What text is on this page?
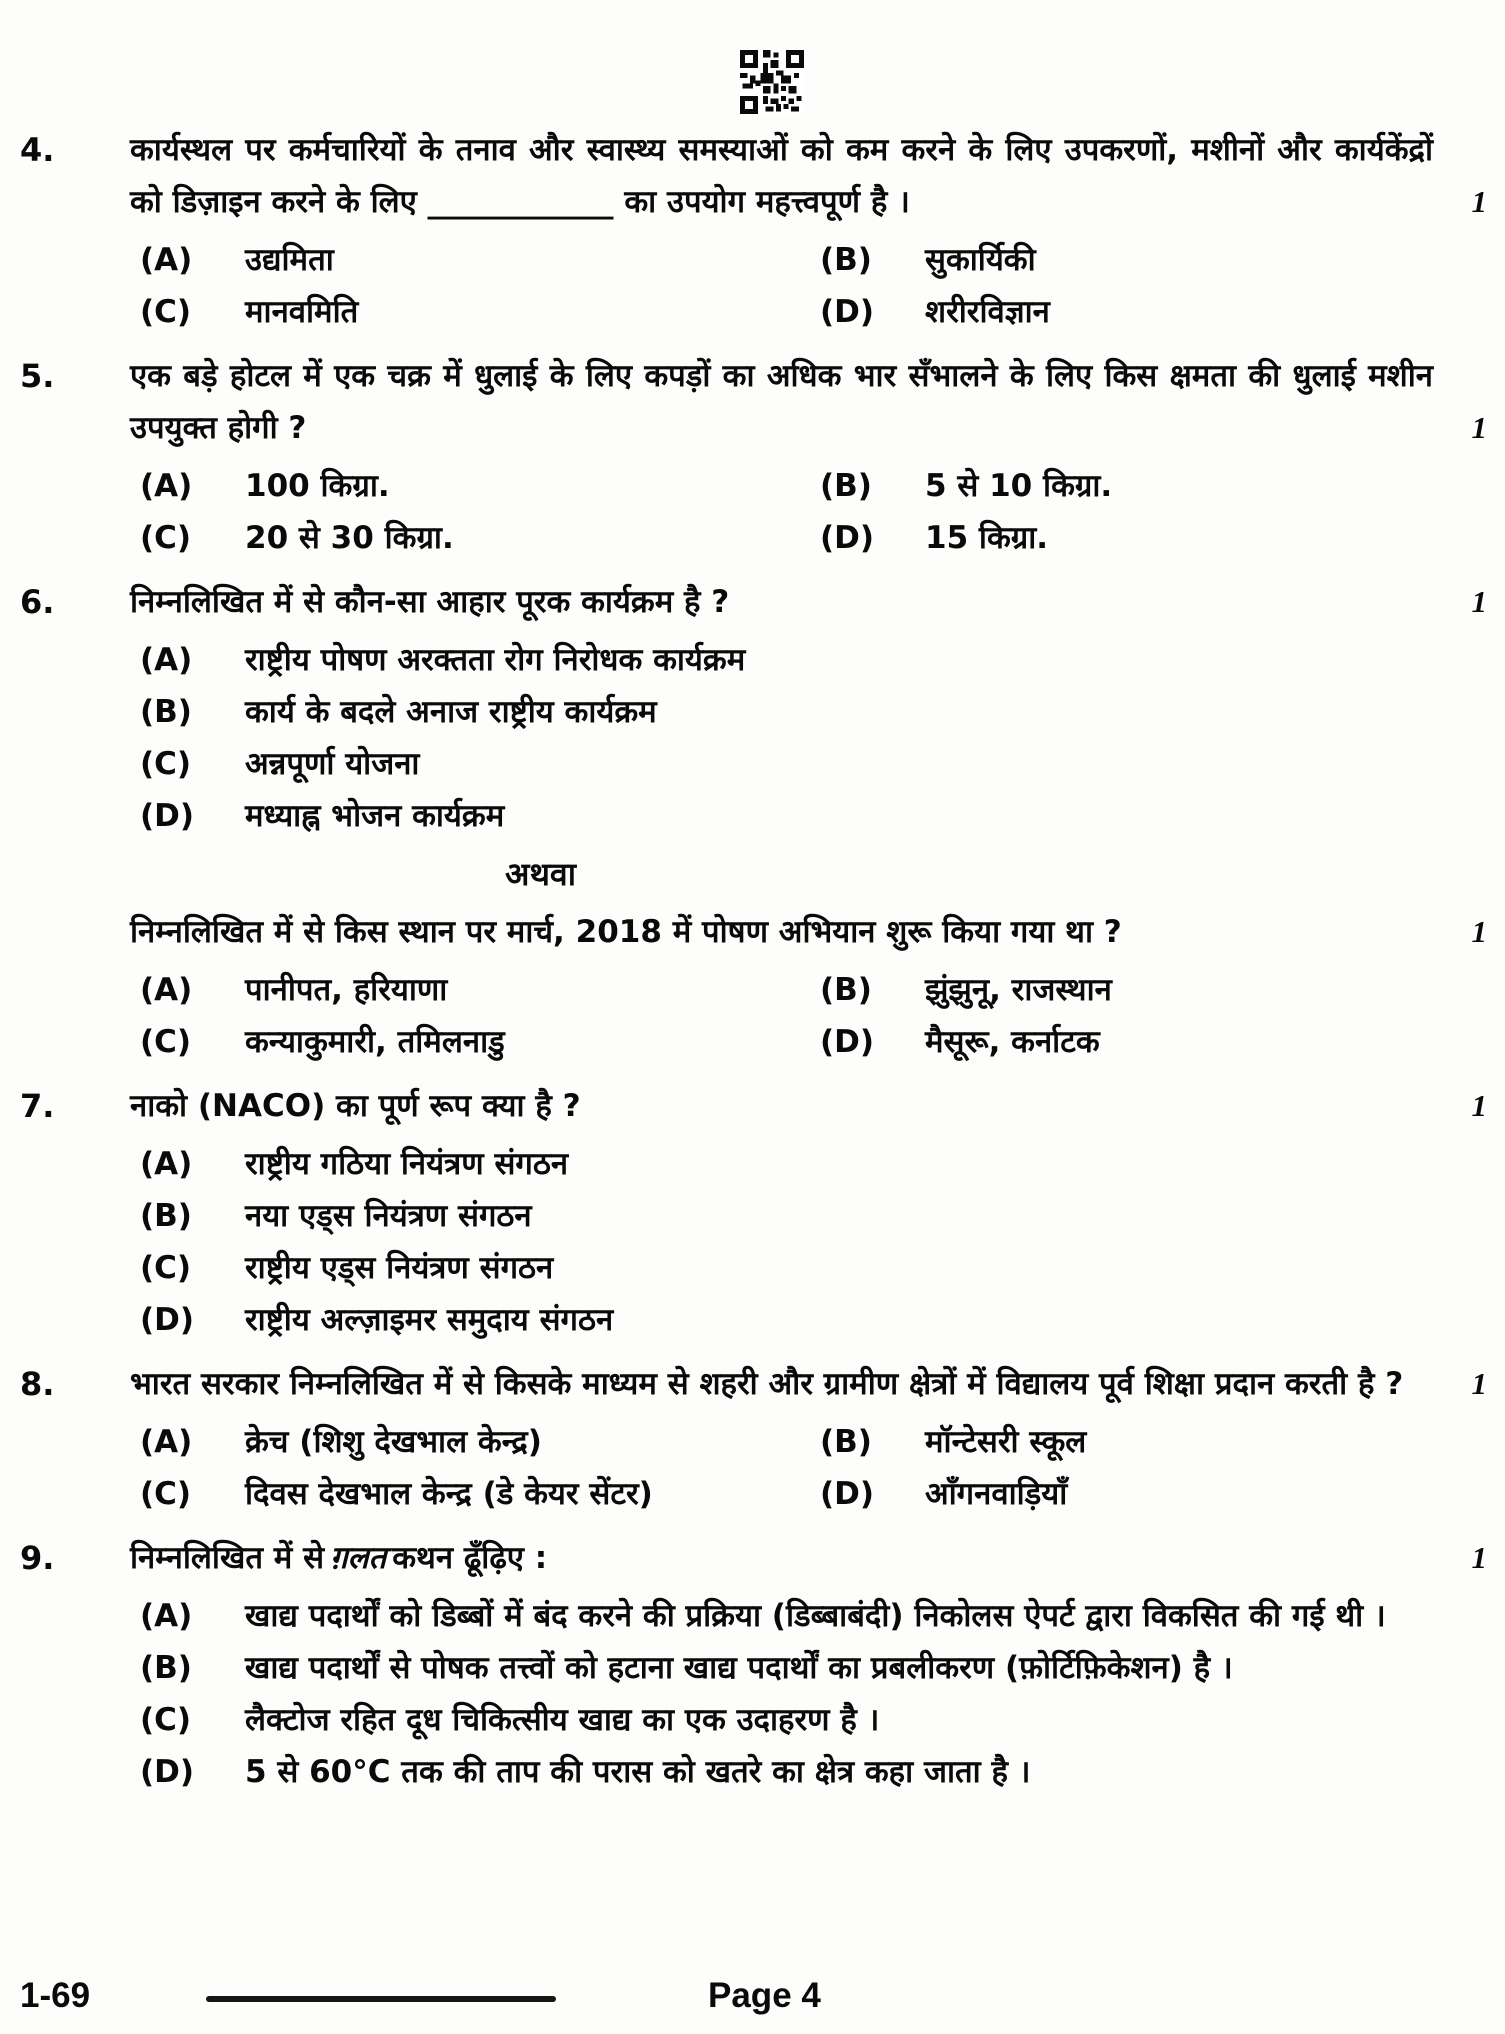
4.	कार्यस्थल पर कर्मचारियों के तनाव और स्वास्थ्य समस्याओं को कम करने के लिए उपकरणों, मशीनों और कार्यकेंद्रों को डिज़ाइन करने के लिए ____________ का उपयोग महत्त्वपूर्ण है ।	1
(A)	उद्यमिता	(B)	सुकार्यिकी
(C)	मानवमिति	(D)	शरीरविज्ञान
5.	एक बड़े होटल में एक चक्र में धुलाई के लिए कपड़ों का अधिक भार सँभालने के लिए किस क्षमता की धुलाई मशीन उपयुक्त होगी ?	1
(A)	100 किग्रा.	(B)	5 से 10 किग्रा.
(C)	20 से 30 किग्रा.	(D)	15 किग्रा.
6.	निम्नलिखित में से कौन-सा आहार पूरक कार्यक्रम है ?	1
(A)	राष्ट्रीय पोषण अरक्तता रोग निरोधक कार्यक्रम
(B)	कार्य के बदले अनाज राष्ट्रीय कार्यक्रम
(C)	अन्नपूर्णा योजना
(D)	मध्याह्न भोजन कार्यक्रम
अथवा
निम्नलिखित में से किस स्थान पर मार्च, 2018 में पोषण अभियान शुरू किया गया था ?	1
(A)	पानीपत, हरियाणा	(B)	झुंझुनू, राजस्थान
(C)	कन्याकुमारी, तमिलनाडु	(D)	मैसूरू, कर्नाटक
7.	नाको (NACO) का पूर्ण रूप क्या है ?	1
(A)	राष्ट्रीय गठिया नियंत्रण संगठन
(B)	नया एड्स नियंत्रण संगठन
(C)	राष्ट्रीय एड्स नियंत्रण संगठन
(D)	राष्ट्रीय अल्ज़ाइमर समुदाय संगठन
8.	भारत सरकार निम्नलिखित में से किसके माध्यम से शहरी और ग्रामीण क्षेत्रों में विद्यालय पूर्व शिक्षा प्रदान करती है ?	1
(A)	क्रेच (शिशु देखभाल केन्द्र)	(B)	मॉन्टेसरी स्कूल
(C)	दिवस देखभाल केन्द्र (डे केयर सेंटर)	(D)	आँगनवाड़ियाँ
9.	निम्नलिखित में से ग़लत कथन ढूँढ़िए :	1
(A)	खाद्य पदार्थों को डिब्बों में बंद करने की प्रक्रिया (डिब्बाबंदी) निकोलस ऐपर्ट द्वारा विकसित की गई थी ।
(B)	खाद्य पदार्थों से पोषक तत्त्वों को हटाना खाद्य पदार्थों का प्रबलीकरण (फ़ोर्टिफ़िकेशन) है ।
(C)	लैक्टोज रहित दूध चिकित्सीय खाद्य का एक उदाहरण है ।
(D)	5 से 60°C तक की ताप की परास को खतरे का क्षेत्र कहा जाता है ।
1-69	Page 4
